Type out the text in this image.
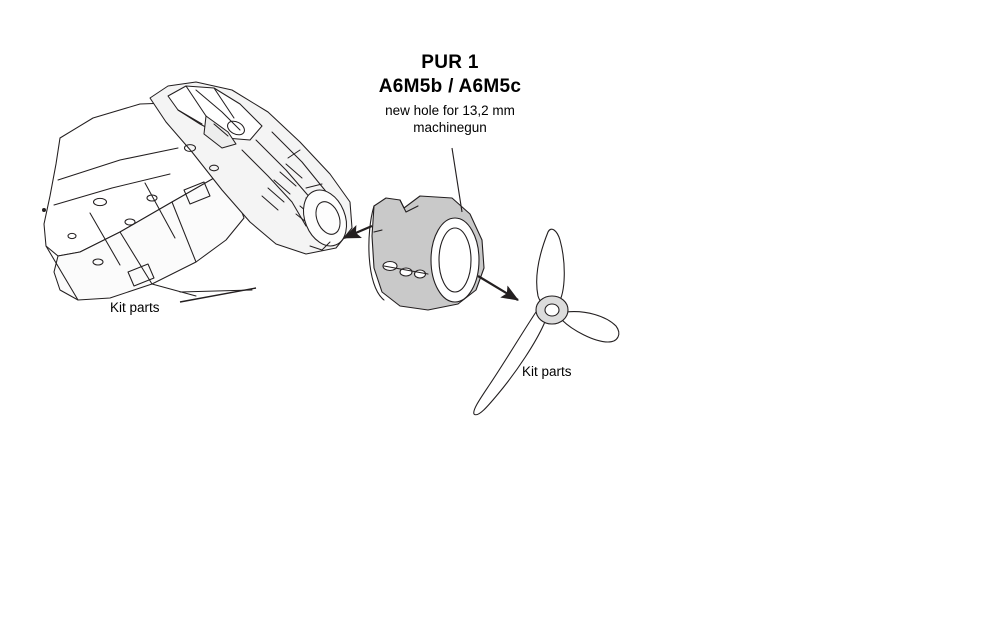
PUR 1
A6M5b / A6M5c
new hole for 13,2 mm
machinegun
Kit parts
Kit parts
